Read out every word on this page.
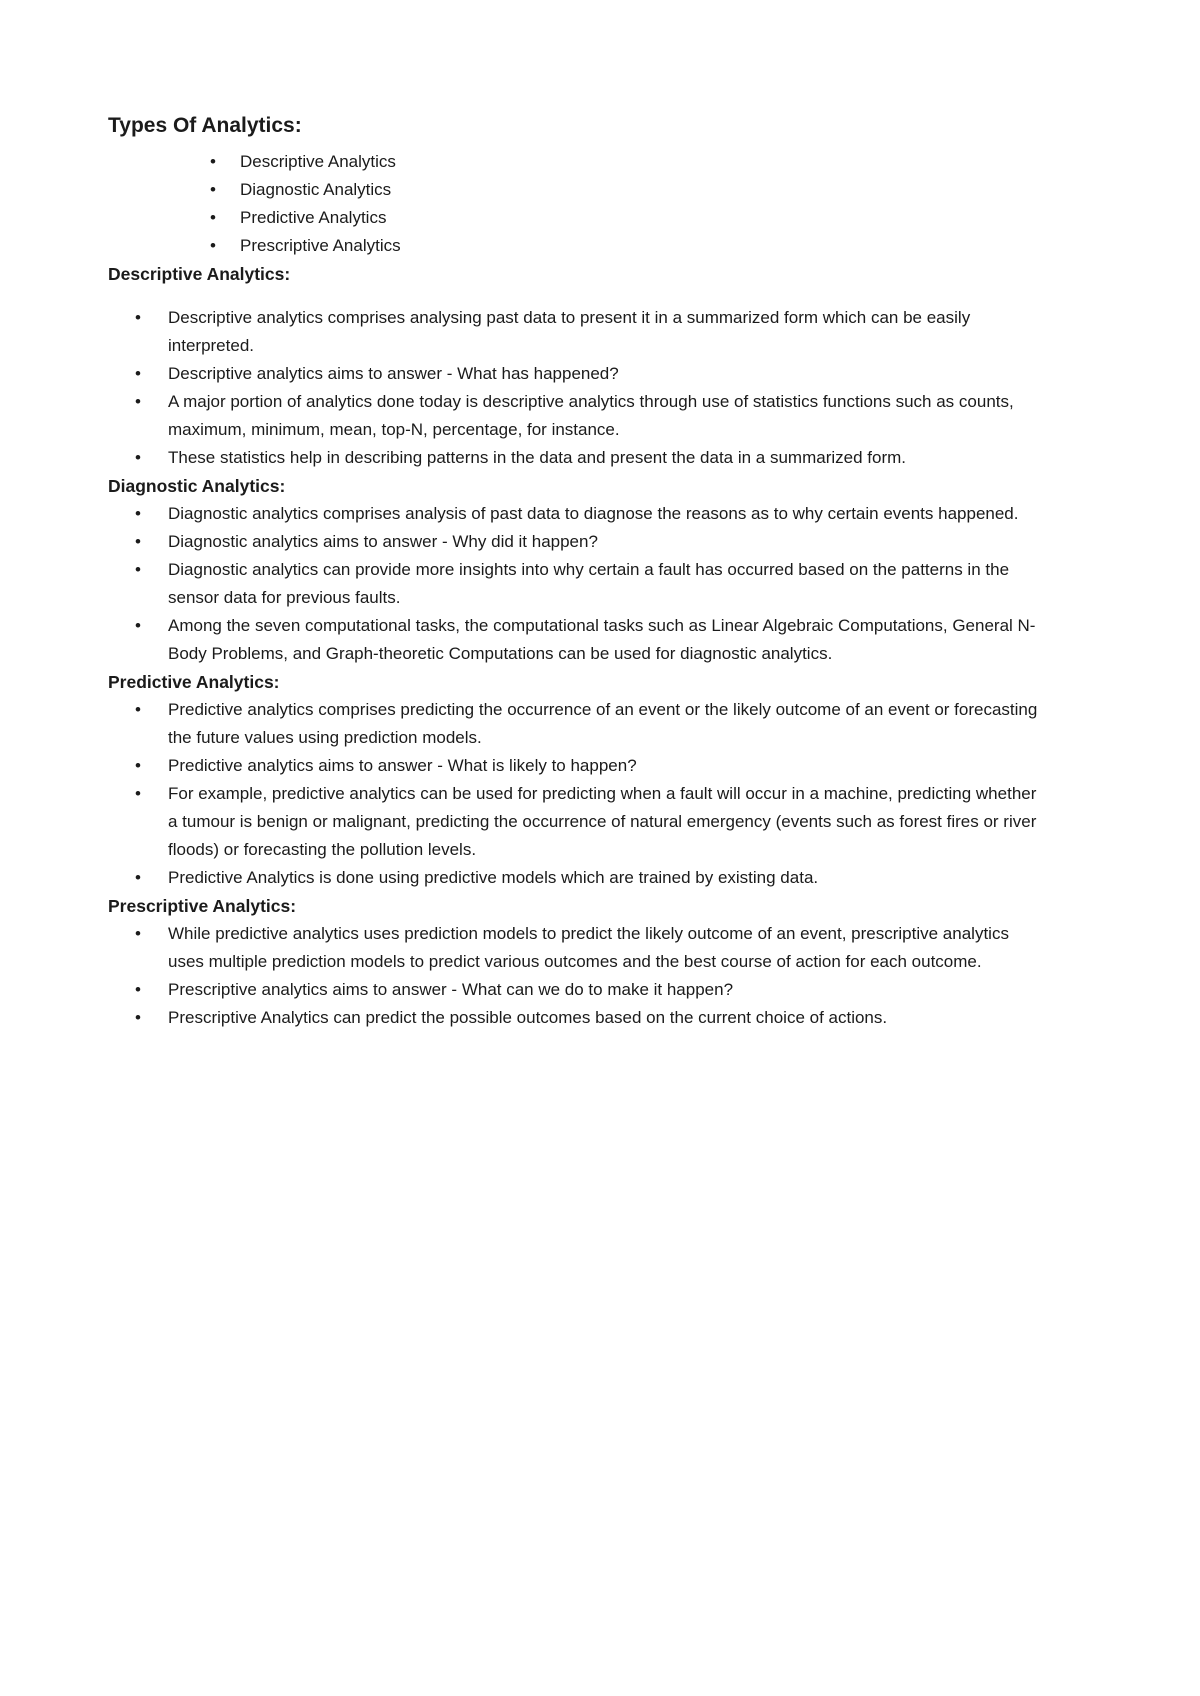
Types Of Analytics:
• Descriptive Analytics
• Diagnostic Analytics
• Predictive Analytics
• Prescriptive Analytics
Descriptive Analytics:
• Descriptive analytics comprises analysing past data to present it in a summarized form which can be easily interpreted.
• Descriptive analytics aims to answer - What has happened?
• A major portion of analytics done today is descriptive analytics through use of statistics functions such as counts, maximum, minimum, mean, top-N, percentage, for instance.
• These statistics help in describing patterns in the data and present the data in a summarized form.
Diagnostic Analytics:
• Diagnostic analytics comprises analysis of past data to diagnose the reasons as to why certain events happened.
• Diagnostic analytics aims to answer - Why did it happen?
• Diagnostic analytics can provide more insights into why certain a fault has occurred based on the patterns in the sensor data for previous faults.
• Among the seven computational tasks, the computational tasks such as Linear Algebraic Computations, General N-Body Problems, and Graph-theoretic Computations can be used for diagnostic analytics.
Predictive Analytics:
• Predictive analytics comprises predicting the occurrence of an event or the likely outcome of an event or forecasting the future values using prediction models.
• Predictive analytics aims to answer - What is likely to happen?
• For example, predictive analytics can be used for predicting when a fault will occur in a machine, predicting whether a tumour is benign or malignant, predicting the occurrence of natural emergency (events such as forest fires or river floods) or forecasting the pollution levels.
• Predictive Analytics is done using predictive models which are trained by existing data.
Prescriptive Analytics:
• While predictive analytics uses prediction models to predict the likely outcome of an event, prescriptive analytics uses multiple prediction models to predict various outcomes and the best course of action for each outcome.
• Prescriptive analytics aims to answer - What can we do to make it happen?
• Prescriptive Analytics can predict the possible outcomes based on the current choice of actions.
